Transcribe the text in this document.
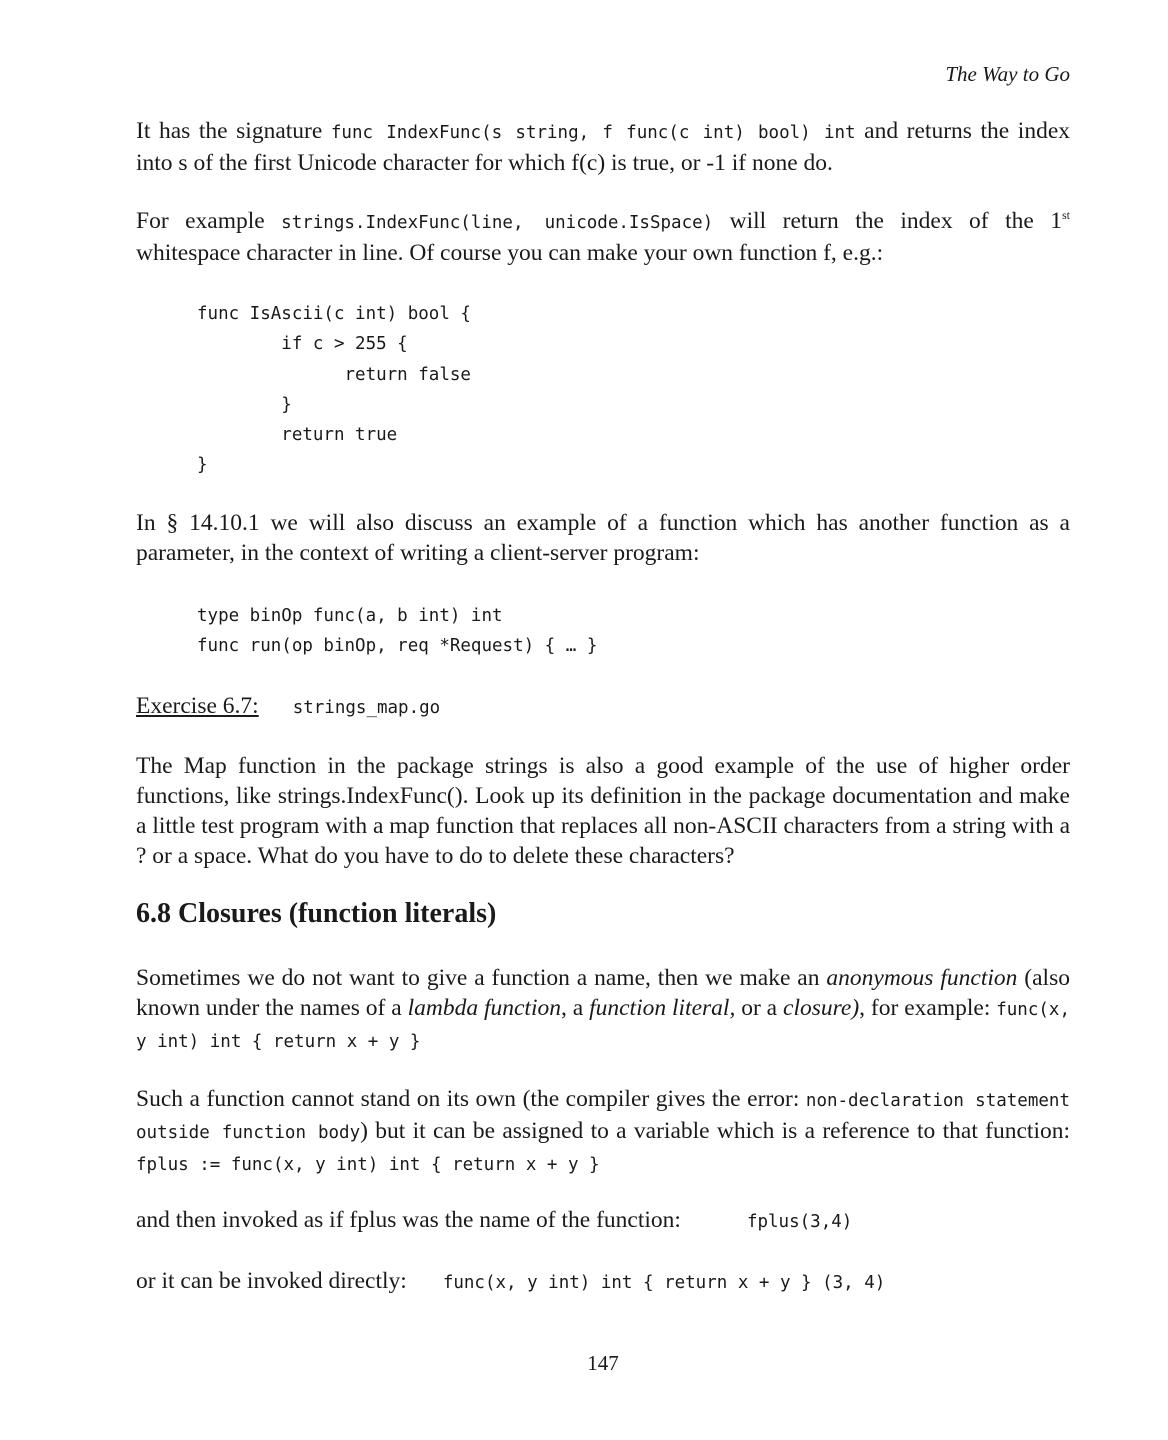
The Way to Go

It has the signature func IndexFunc(s string, f func(c int) bool) int and returns the index into s of the first Unicode character for which f(c) is true, or -1 if none do.

For example strings.IndexFunc(line, unicode.IsSpace) will return the index of the 1st whitespace character in line. Of course you can make your own function f, e.g.:

func IsAscii(c int) bool {
if c > 255 {
return false
}
return true
}

In § 14.10.1 we will also discuss an example of a function which has another function as a parameter, in the context of writing a client-server program:

type binOp func(a, b int) int
func run(op binOp, req *Request) { … }

Exercise 6.7: strings_map.go

The Map function in the package strings is also a good example of the use of higher order functions, like strings.IndexFunc(). Look up its definition in the package documentation and make a little test program with a map function that replaces all non-ASCII characters from a string with a ? or a space. What do you have to do to delete these characters?

6.8 Closures (function literals)

Sometimes we do not want to give a function a name, then we make an anonymous function (also known under the names of a lambda function, a function literal, or a closure), for example: func(x, y int) int { return x + y }

Such a function cannot stand on its own (the compiler gives the error: non-declaration statement outside function body) but it can be assigned to a variable which is a reference to that function: fplus := func(x, y int) int { return x + y }

and then invoked as if fplus was the name of the function:	fplus(3,4)

or it can be invoked directly: func(x, y int) int { return x + y } (3, 4)

147
